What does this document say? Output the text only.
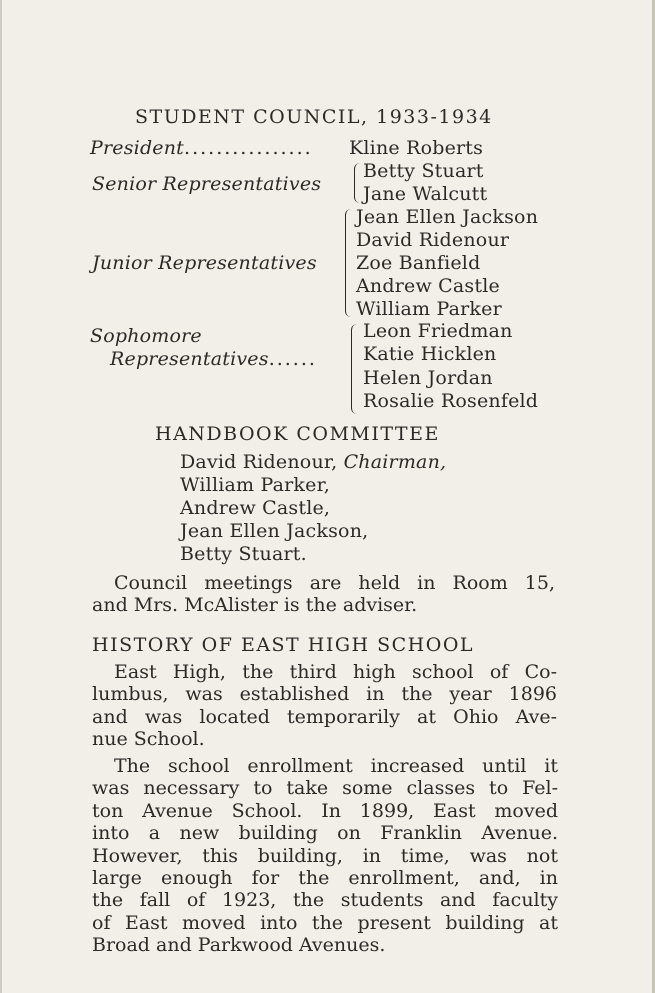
STUDENT COUNCIL, 1933-1934
President................ Kline Roberts
Senior Representatives
Betty Stuart
Jane Walcutt
Junior Representatives
Jean Ellen Jackson
David Ridenour
Zoe Banfield
Andrew Castle
William Parker
Sophomore
Representatives......
Leon Friedman
Katie Hicklen
Helen Jordan
Rosalie Rosenfeld
HANDBOOK COMMITTEE
David Ridenour, Chairman,
William Parker,
Andrew Castle,
Jean Ellen Jackson,
Betty Stuart.
Council meetings are held in Room 15,
and Mrs. McAlister is the adviser.
HISTORY OF EAST HIGH SCHOOL
East High, the third high school of Co-
lumbus, was established in the year 1896
and was located temporarily at Ohio Ave-
nue School.
The school enrollment increased until it
was necessary to take some classes to Fel-
ton Avenue School. In 1899, East moved
into a new building on Franklin Avenue.
However, this building, in time, was not
large enough for the enrollment, and, in
the fall of 1923, the students and faculty
of East moved into the present building at
Broad and Parkwood Avenues.
